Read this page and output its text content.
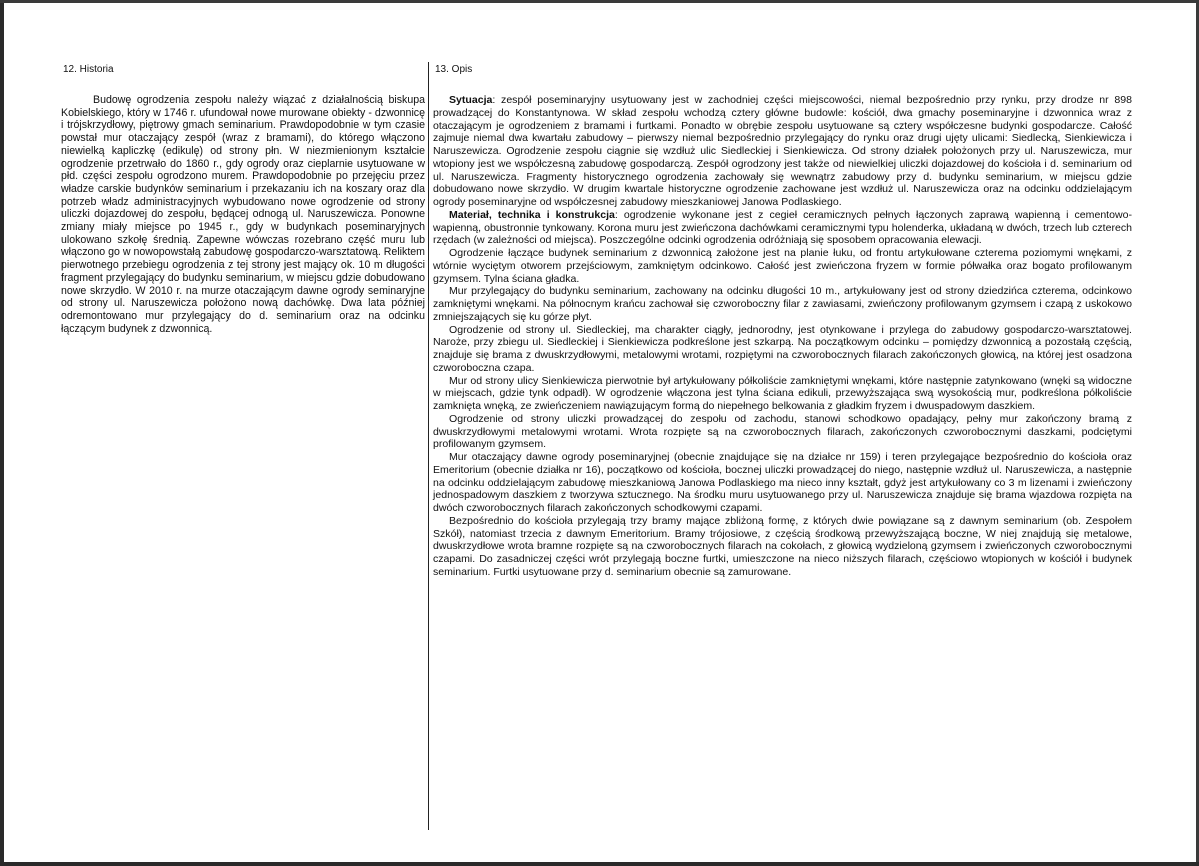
12. Historia

Budowę ogrodzenia zespołu należy wiązać z działalnością biskupa Kobielskiego, który w 1746 r. ufundował nowe murowane obiekty - dzwonnicę i trójskrzydłowy, piętrowy gmach seminarium. Prawdopodobnie w tym czasie powstał mur otaczający zespół (wraz z bramami), do którego włączono niewielką kapliczkę (edikulę) od strony płn. W niezmienionym kształcie ogrodzenie przetrwało do 1860 r., gdy ogrody oraz cieplarnie usytuowane w płd. części zespołu ogrodzono murem. Prawdopodobnie po przejęciu przez władze carskie budynków seminarium i przekazaniu ich na koszary oraz dla potrzeb władz administracyjnych wybudowano nowe ogrodzenie od strony uliczki dojazdowej do zespołu, będącej odnogą ul. Naruszewicza. Ponowne zmiany miały miejsce po 1945 r., gdy w budynkach poseminaryjnych ulokowano szkołę średnią. Zapewne wówczas rozebrano część muru lub włączono go w nowopowstałą zabudowę gospodarczo-warsztatową. Reliktem pierwotnego przebiegu ogrodzenia z tej strony jest mający ok. 10 m długości fragment przylegający do budynku seminarium, w miejscu gdzie dobudowano nowe skrzydło. W 2010 r. na murze otaczającym dawne ogrody seminaryjne od strony ul. Naruszewicza położono nową dachówkę. Dwa lata później odremontowano mur przylegający do d. seminarium oraz na odcinku łączącym budynek z dzwonnicą.

13. Opis

Sytuacja: zespół poseminaryjny usytuowany jest w zachodniej części miejscowości, niemal bezpośrednio przy rynku, przy drodze nr 898 prowadzącej do Konstantynowa. W skład zespołu wchodzą cztery główne budowle: kościół, dwa gmachy poseminaryjne i dzwonnica wraz z otaczającym je ogrodzeniem z bramami i furtkami. Ponadto w obrębie zespołu usytuowane są cztery współczesne budynki gospodarcze. Całość zajmuje niemal dwa kwartału zabudowy – pierwszy niemal bezpośrednio przylegający do rynku oraz drugi ujęty ulicami: Siedlecką, Sienkiewicza i Naruszewicza. Ogrodzenie zespołu ciągnie się wzdłuż ulic Siedleckiej i Sienkiewicza. Od strony działek położonych przy ul. Naruszewicza, mur wtopiony jest we współczesną zabudowę gospodarczą. Zespół ogrodzony jest także od niewielkiej uliczki dojazdowej do kościoła i d. seminarium od ul. Naruszewicza. Fragmenty historycznego ogrodzenia zachowały się wewnątrz zabudowy przy d. budynku seminarium, w miejscu gdzie dobudowano nowe skrzydło. W drugim kwartale historyczne ogrodzenie zachowane jest wzdłuż ul. Naruszewicza oraz na odcinku oddzielającym ogrody poseminaryjne od współczesnej zabudowy mieszkaniowej Janowa Podlaskiego.

Materiał, technika i konstrukcja: ogrodzenie wykonane jest z cegieł ceramicznych pełnych łączonych zaprawą wapienną i cementowo-wapienną, obustronnie tynkowany. Korona muru jest zwieńczona dachówkami ceramicznymi typu holenderka, układaną w dwóch, trzech lub czterech rzędach (w zależności od miejsca). Poszczególne odcinki ogrodzenia odróżniają się sposobem opracowania elewacji.

Ogrodzenie łączące budynek seminarium z dzwonnicą założone jest na planie łuku, od frontu artykułowane czterema poziomymi wnękami, z wtórnie wyciętym otworem przejściowym, zamkniętym odcinkowo. Całość jest zwieńczona fryzem w formie półwałka oraz bogato profilowanym gzymsem. Tylna ściana gładka.

Mur przylegający do budynku seminarium, zachowany na odcinku długości 10 m., artykułowany jest od strony dziedzińca czterema, odcinkowo zamkniętymi wnękami. Na północnym krańcu zachował się czworoboczny filar z zawiasami, zwieńczony profilowanym gzymsem i czapą z uskokowo zmniejszających się ku górze płyt.

Ogrodzenie od strony ul. Siedleckiej, ma charakter ciągły, jednorodny, jest otynkowane i przylega do zabudowy gospodarczo-warsztatowej. Naroże, przy zbiegu ul. Siedleckiej i Sienkiewicza podkreślone jest szkarpą. Na początkowym odcinku – pomiędzy dzwonnicą a pozostałą częścią, znajduje się brama z dwuskrzydłowymi, metalowymi wrotami, rozpiętymi na czworobocznych filarach zakończonych głowicą, na której jest osadzona czworoboczna czapa.

Mur od strony ulicy Sienkiewicza pierwotnie był artykułowany półkoliście zamkniętymi wnękami, które następnie zatynkowano (wnęki są widoczne w miejscach, gdzie tynk odpadł). W ogrodzenie włączona jest tylna ściana edikuli, przewyższająca swą wysokością mur, podkreślona półkoliście zamknięta wnęką, ze zwieńczeniem nawiązującym formą do niepełnego belkowania z gładkim fryzem i dwuspadowym daszkiem.

Ogrodzenie od strony uliczki prowadzącej do zespołu od zachodu, stanowi schodkowo opadający, pełny mur zakończony bramą z dwuskrzydłowymi metalowymi wrotami. Wrota rozpięte są na czworobocznych filarach, zakończonych czworobocznymi daszkami, podciętymi profilowanym gzymsem.

Mur otaczający dawne ogrody poseminaryjnej (obecnie znajdujące się na działce nr 159) i teren przylegające bezpośrednio do kościoła oraz Emeritorium (obecnie działka nr 16), początkowo od kościoła, bocznej uliczki prowadzącej do niego, następnie wzdłuż ul. Naruszewicza, a następnie na odcinku oddzielającym zabudowę mieszkaniową Janowa Podlaskiego ma nieco inny kształt, gdyż jest artykułowany co 3 m lizenami i zwieńczony jednospadowym daszkiem z tworzywa sztucznego. Na środku muru usytuowanego przy ul. Naruszewicza znajduje się brama wjazdowa rozpięta na dwóch czworobocznych filarach zakończonych schodkowymi czapami.

Bezpośrednio do kościoła przylegają trzy bramy mające zbliżoną formę, z których dwie powiązane są z dawnym seminarium (ob. Zespołem Szkół), natomiast trzecia z dawnym Emeritorium. Bramy trójosiowe, z częścią środkową przewyższającą boczne, W niej znajdują się metalowe, dwuskrzydłowe wrota bramne rozpięte są na czworobocznych filarach na cokołach, z głowicą wydzieloną gzymsem i zwieńczonych czworobocznymi czapami. Do zasadniczej części wrót przylegają boczne furtki, umieszczone na nieco niższych filarach, częściowo wtopionych w kościół i budynek seminarium. Furtki usytuowane przy d. seminarium obecnie są zamurowane.
